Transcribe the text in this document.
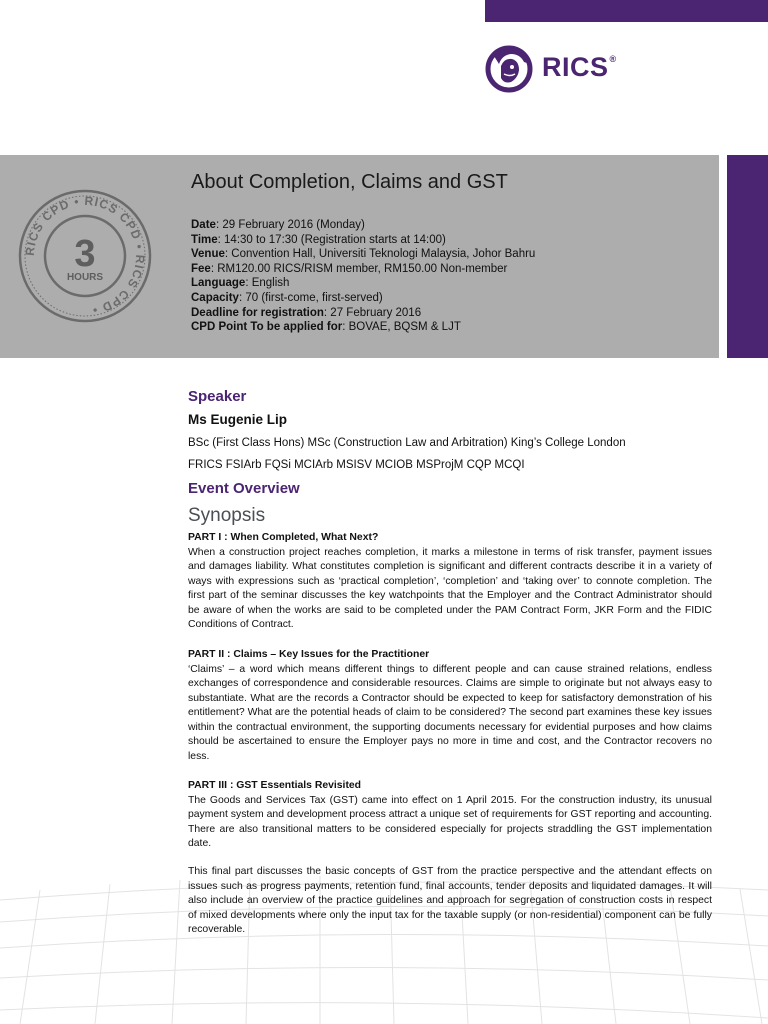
RICS®
RICS CPD • RICS CPD • RICS CPD •
3
HOURS
About Completion, Claims and GST
Date: 29 February 2016 (Monday)
Time: 14:30 to 17:30 (Registration starts at 14:00)
Venue: Convention Hall, Universiti Teknologi Malaysia, Johor Bahru
Fee: RM120.00 RICS/RISM member, RM150.00 Non-member
Language: English
Capacity: 70 (first-come, first-served)
Deadline for registration: 27 February 2016
CPD Point To be applied for: BOVAE, BQSM & LJT
Speaker
Ms Eugenie Lip
BSc (First Class Hons) MSc (Construction Law and Arbitration) King’s College London
FRICS FSIArb FQSi MCIArb MSISV MCIOB MSProjM CQP MCQI
Event Overview
Synopsis
PART I : When Completed, What Next?
When a construction project reaches completion, it marks a milestone in terms of risk transfer, payment issues and damages liability. What constitutes completion is significant and different contracts describe it in a variety of ways with expressions such as ‘practical completion’, ‘completion’ and ‘taking over’ to connote completion. The first part of the seminar discusses the key watchpoints that the Employer and the Contract Administrator should be aware of when the works are said to be completed under the PAM Contract Form, JKR Form and the FIDIC Conditions of Contract.
PART II : Claims – Key Issues for the Practitioner
‘Claims’ – a word which means different things to different people and can cause strained relations, endless exchanges of correspondence and considerable resources. Claims are simple to originate but not always easy to substantiate. What are the records a Contractor should be expected to keep for satisfactory demonstration of his entitlement? What are the potential heads of claim to be considered? The second part examines these key issues within the contractual environment, the supporting documents necessary for evidential purposes and how claims should be ascertained to ensure the Employer pays no more in time and cost, and the Contractor recovers no less.
PART III : GST Essentials Revisited
The Goods and Services Tax (GST) came into effect on 1 April 2015. For the construction industry, its unusual payment system and development process attract a unique set of requirements for GST reporting and accounting. There are also transitional matters to be considered especially for projects straddling the GST implementation date.
This final part discusses the basic concepts of GST from the practice perspective and the attendant effects on issues such as progress payments, retention fund, final accounts, tender deposits and liquidated damages. It will also include an overview of the practice guidelines and approach for segregation of construction costs in respect of mixed developments where only the input tax for the taxable supply (or non-residential) component can be fully recoverable.
